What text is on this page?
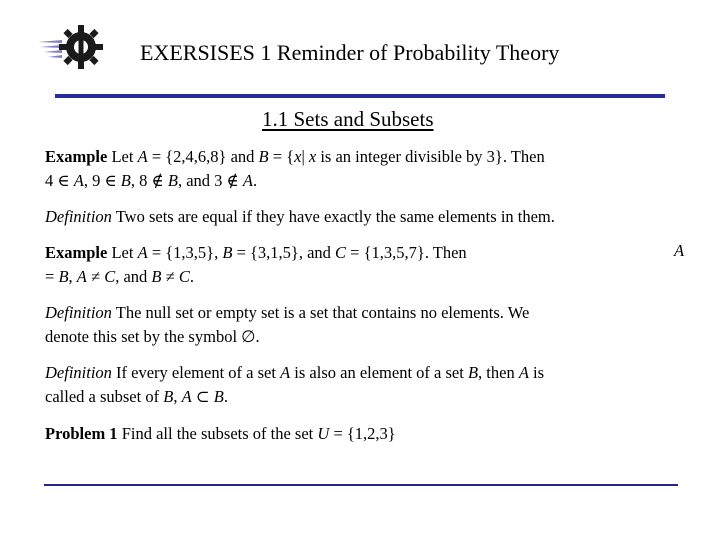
EXERSISES 1 Reminder of Probability Theory
1.1 Sets and Subsets
Example Let A = {2,4,6,8} and B = {x| x is an integer divisible by 3}. Then
4 ∈ A, 9 ∈ B, 8 ∉ B, and 3 ∉ A.
Definition Two sets are equal if they have exactly the same elements in them.
Example Let A = {1,3,5}, B = {3,1,5}, and C = {1,3,5,7}. Then
= B, A ≠ C, and B ≠ C.
A
Definition The null set or empty set is a set that contains no elements. We
denote this set by the symbol ∅.
Definition If every element of a set A is also an element of a set B, then A is
called a subset of B, A ⊂ B.
Problem 1 Find all the subsets of the set U = {1,2,3}
